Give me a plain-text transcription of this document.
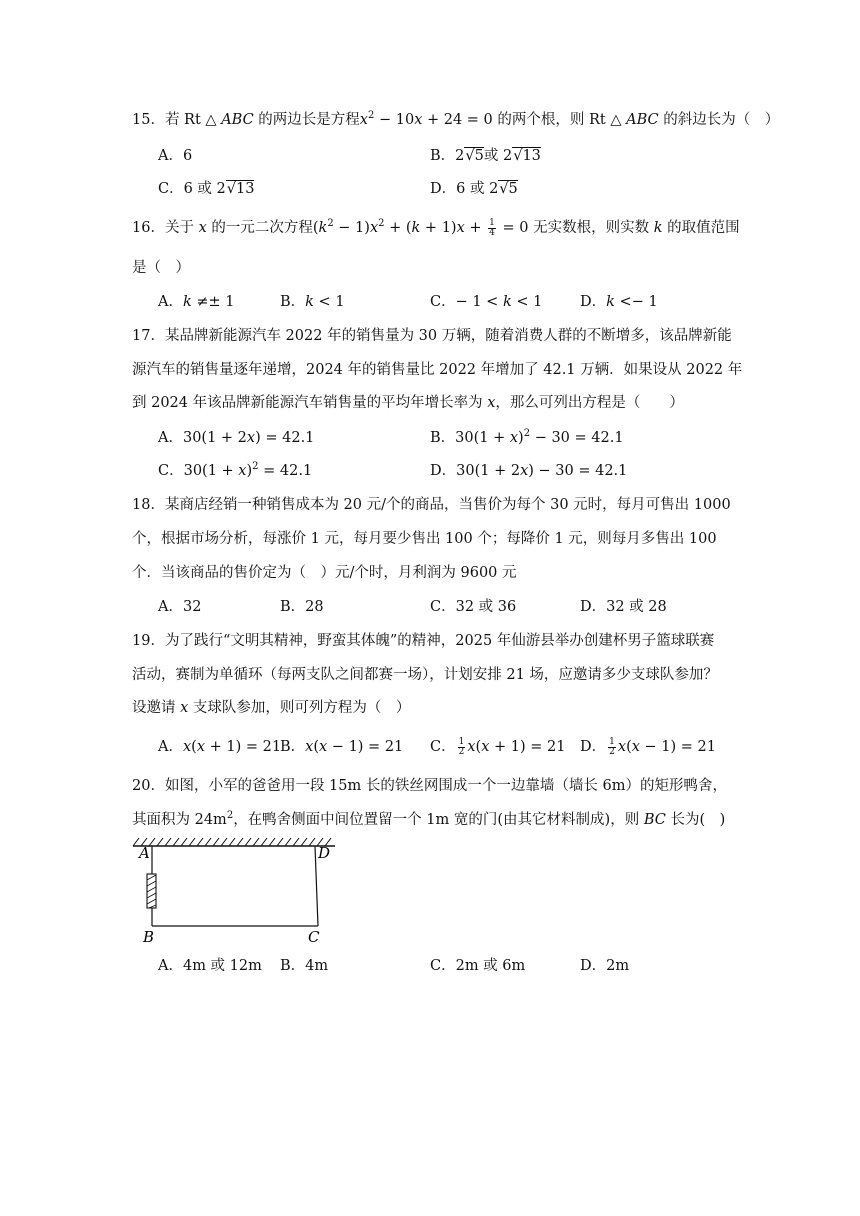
15．若 Rt △ ABC 的两边长是方程$x^2 - 10x + 24 = 0$ 的两个根，则 Rt △ ABC 的斜边长为（　）
A．6	B．2√5或 2√13
C．6 或 2√13	D．6 或 2√5
16．关于 x 的一元二次方程$(k^2 - 1)x^2 + (k + 1)x + \frac{1}{4} = 0$ 无实数根，则实数 k 的取值范围
是（　）
A．k ≠± 1	B．k < 1	C．− 1 < k < 1	D．k <− 1
17．某品牌新能源汽车 2022 年的销售量为 30 万辆，随着消费人群的不断增多，该品牌新能
源汽车的销售量逐年递增，2024 年的销售量比 2022 年增加了 42.1 万辆．如果设从 2022 年
到 2024 年该品牌新能源汽车销售量的平均年增长率为 x，那么可列出方程是（　　）
A．30(1 + 2x) = 42.1	B．$30(1 + x)^2 - 30 = 42.1$
C．$30(1 + x)^2 = 42.1$	D．30(1 + 2x) − 30 = 42.1
18．某商店经销一种销售成本为 20 元/个的商品，当售价为每个 30 元时，每月可售出 1000
个，根据市场分析，每涨价 1 元，每月要少售出 100 个；每降价 1 元，则每月多售出 100
个．当该商品的售价定为（　）元/个时，月利润为 9600 元
A．32	B．28	C．32 或 36	D．32 或 28
19．为了践行“文明其精神，野蛮其体魄”的精神，2025 年仙游县举办创建杯男子篮球联赛
活动，赛制为单循环（每两支队之间都赛一场），计划安排 21 场，应邀请多少支球队参加？
设邀请 x 支球队参加，则可列方程为（　）
A．x(x + 1) = 21
B．x(x − 1) = 21 C． $\frac{1}{2} x(x + 1) = 21$ D． $\frac{1}{2} x(x - 1) = 21$
20．如图，小军的爸爸用一段 15m 长的铁丝网围成一个一边靠墙（墙长 6m）的矩形鸭舍，
其面积为 $24m^2$，在鸭舍侧面中间位置留一个 1m 宽的门(由其它材料制成)，则 BC 长为(　)
A	D
B	C
A．4m 或 12m B．4m	C．2m 或 6m	D．2m
